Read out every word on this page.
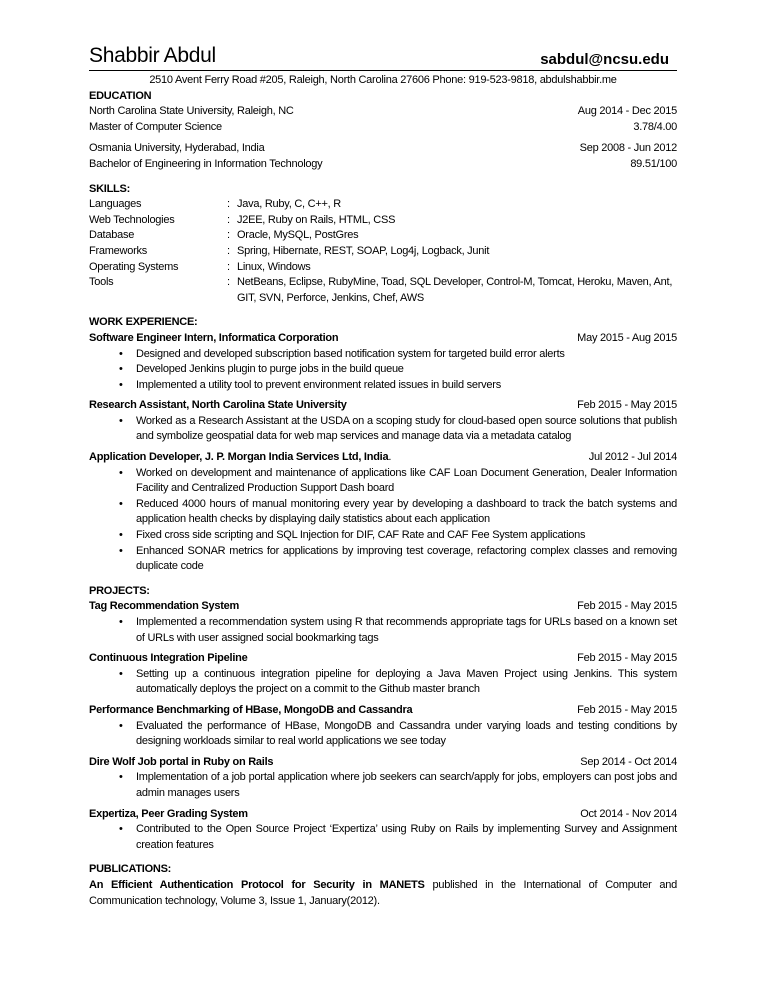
Shabbir Abdul	sabdul@ncsu.edu
2510 Avent Ferry Road #205, Raleigh, North Carolina 27606 Phone: 919-523-9818, abdulshabbir.me
EDUCATION
North Carolina State University, Raleigh, NC	Aug 2014 - Dec 2015
Master of Computer Science	3.78/4.00
Osmania University, Hyderabad, India	Sep 2008 - Jun 2012
Bachelor of Engineering in Information Technology	89.51/100
SKILLS:
Languages	: Java, Ruby, C, C++, R
Web Technologies	: J2EE, Ruby on Rails, HTML, CSS
Database	: Oracle, MySQL, PostGres
Frameworks	: Spring, Hibernate, REST, SOAP, Log4j, Logback, Junit
Operating Systems	: Linux, Windows
Tools	: NetBeans, Eclipse, RubyMine, Toad, SQL Developer, Control-M, Tomcat, Heroku, Maven, Ant, GIT, SVN, Perforce, Jenkins, Chef, AWS
WORK EXPERIENCE:
Software Engineer Intern, Informatica Corporation	May 2015 - Aug 2015
• Designed and developed subscription based notification system for targeted build error alerts
• Developed Jenkins plugin to purge jobs in the build queue
• Implemented a utility tool to prevent environment related issues in build servers
Research Assistant, North Carolina State University	Feb 2015 - May 2015
• Worked as a Research Assistant at the USDA on a scoping study for cloud-based open source solutions that publish and symbolize geospatial data for web map services and manage data via a metadata catalog
Application Developer, J. P. Morgan India Services Ltd, India.	Jul 2012 - Jul 2014
• Worked on development and maintenance of applications like CAF Loan Document Generation, Dealer Information Facility and Centralized Production Support Dash board
• Reduced 4000 hours of manual monitoring every year by developing a dashboard to track the batch systems and application health checks by displaying daily statistics about each application
• Fixed cross side scripting and SQL Injection for DIF, CAF Rate and CAF Fee System applications
• Enhanced SONAR metrics for applications by improving test coverage, refactoring complex classes and removing duplicate code
PROJECTS:
Tag Recommendation System	Feb 2015 - May 2015
• Implemented a recommendation system using R that recommends appropriate tags for URLs based on a known set of URLs with user assigned social bookmarking tags
Continuous Integration Pipeline	Feb 2015 - May 2015
• Setting up a continuous integration pipeline for deploying a Java Maven Project using Jenkins. This system automatically deploys the project on a commit to the Github master branch
Performance Benchmarking of HBase, MongoDB and Cassandra	Feb 2015 - May 2015
• Evaluated the performance of HBase, MongoDB and Cassandra under varying loads and testing conditions by designing workloads similar to real world applications we see today
Dire Wolf Job portal in Ruby on Rails	Sep 2014 - Oct 2014
• Implementation of a job portal application where job seekers can search/apply for jobs, employers can post jobs and admin manages users
Expertiza, Peer Grading System	Oct 2014 - Nov 2014
• Contributed to the Open Source Project ‘Expertiza’ using Ruby on Rails by implementing Survey and Assignment creation features
PUBLICATIONS:
An Efficient Authentication Protocol for Security in MANETS published in the International of Computer and Communication technology, Volume 3, Issue 1, January(2012).
